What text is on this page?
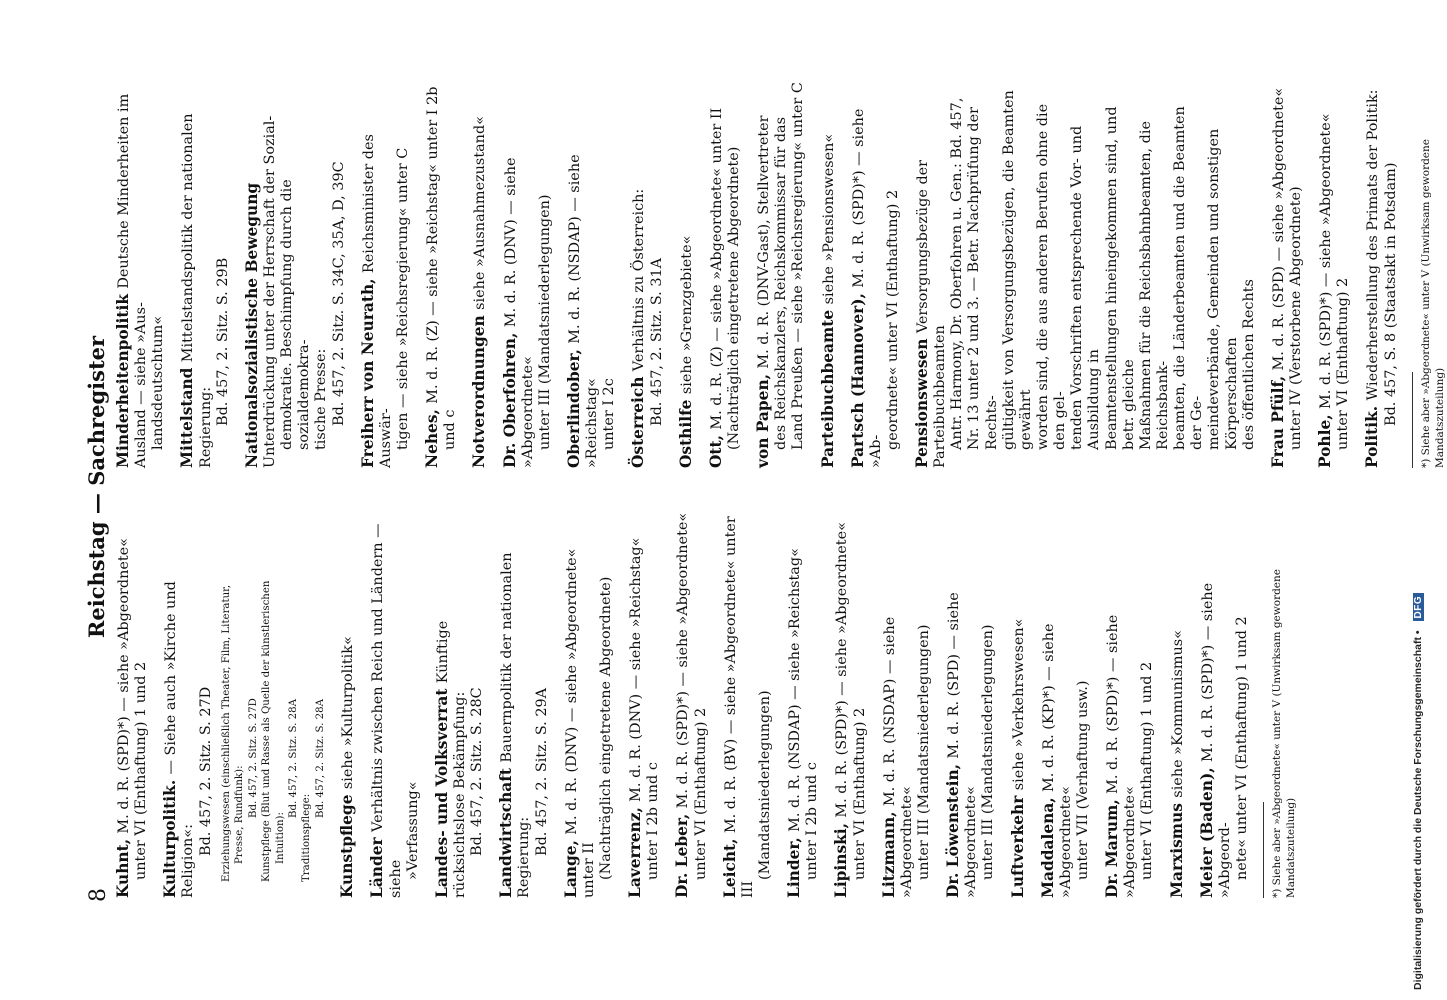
8
Reichstag — Sachregister
Kuhnt, M. d. R. (SPD)*) — siehe »Abgeordnete« unter VI (Enthaftung) 1 und 2 Kulturpolitik. — Siehe auch »Kirche und Religion«:
Bd. 457, 2. Sitz. S. 27D Erziehungswesen (einschließlich Theater, Film, Literatur, Presse, Rundfunk): Bd. 457, 2. Sitz. S. 27D Kunstpflege (Blut und Rasse als Quelle der künstlerischen Intuition):
Bd. 457, 2. Sitz. S. 28A
Traditionspflege:
Bd. 457, 2. Sitz. S. 28A
Kunstpflege siehe »Kulturpolitik«
Länder Verhältnis zwischen Reich und Ländern — siehe »Verfassung« Landes- und Volksverrat Künftige rücksichtslose Bekämpfung: Bd. 457, 2. Sitz. S. 28C Landwirtschaft Bauernpolitik der nationalen Regierung:
Bd. 457, 2. Sitz. S. 29A
Lange, M. d. R. (DNV) — siehe »Abgeordnete« unter II (Nachträglich eingetretene Abgeordnete) Laverrenz, M. d. R. (DNV) — siehe »Reichstag«
unter I 2b und c Dr. Leber, M. d. R. (SPD)*) — siehe »Abgeordnete« unter VI (Enthaftung) 2 Leicht, M. d. R. (BV) — siehe »Abgeordnete« unter III
(Mandatsniederlegungen) Linder, M. d. R. (NSDAP) — siehe »Reichstag« unter I 2b und c Lipinski, M. d. R. (SPD)*) — siehe »Abgeordnete« unter VI (Enthaftung) 2 Litzmann, M. d. R. (NSDAP) — siehe »Abgeordnete« unter III (Mandatsniederlegungen) Dr. Löwenstein, M. d. R. (SPD) — siehe »Abgeordnete« unter III (Mandatsniederlegungen) Luftverkehr siehe »Verkehrswesen«
Maddalena, M. d. R. (KP)*) — siehe »Abgeordnete« unter VII (Verhaftung usw.) Dr. Marum, M. d. R. (SPD)*) — siehe »Abgeordnete« unter VI (Enthaftung) 1 und 2 Marxismus siehe »Kommunismus«
Meier (Baden), M. d. R. (SPD)*) — siehe »Abgeord- nete« unter VI (Enthaftung) 1 und 2 *) Siehe aber »Abgeordnete« unter V (Unwirksam gewordene Mandatszuteilung)
Minderheitenpolitik Deutsche Minderheiten im Ausland — siehe »Aus- landsdeutschtum« Mittelstand Mittelstandspolitik der nationalen Regierung:
Bd. 457, 2. Sitz. S. 29B Nationalsozialistische Bewegung Unterdrückung unter der Herrschaft der Sozial- demokratie. Beschimpfung durch die sozialdemokra- tische Presse: Bd. 457, 2. Sitz. S. 34C, 35A, D, 39C Freiherr von Neurath, Reichsminister des Auswär- tigen — siehe »Reichsregierung« unter C Nehes, M. d. R. (Z) — siehe »Reichstag« unter I 2b
und c Notverordnungen siehe »Ausnahmezustand«
Dr. Oberfohren, M. d. R. (DNV) — siehe »Abgeordnete« unter III (Mandatsniederlegungen) Oberlindober, M. d. R. (NSDAP) — siehe »Reichstag« unter I 2c Österreich Verhältnis zu Österreich: Bd. 457, 2. Sitz. S. 31A
Osthilfe siehe »Grenzgebiete«
Ott, M. d. R. (Z) — siehe »Abgeordnete« unter II (Nachträglich eingetretene Abgeordnete) von Papen, M. d. R. (DNV-Gast), Stellvertreter des Reichskanzlers, Reichskommissar für das Land Preußen — siehe »Reichsregierung« unter C Parteibuchbeamte siehe »Pensionswesen«
Partsch (Hannover), M. d. R. (SPD)*) — siehe »Ab-
geordnete« unter VI (Enthaftung) 2 Pensionswesen Versorgungsbezüge der Parteibuchbeamten Antr. Harmony, Dr. Oberfohren u. Gen.: Bd. 457, Nr. 13 unter 2 und 3. — Betr. Nachprüfung der Rechts- gültigkeit von Versorgungsbezügen, die Beamten gewährt worden sind, die aus anderen Berufen ohne die den gel- tenden Vorschriften entsprechende Vor- und Ausbildung in Beamtenstellungen hineingekommen sind, und betr. gleiche Maßnahmen für die Reichsbahnbeamten, die Reichsbank- beamten, die Länderbeamten und die Beamten der Ge- meindeverbände, Gemeinden und sonstigen Körperschaften des öffentlichen Rechts Frau Pfülf, M. d. R. (SPD) — siehe »Abgeordnete« unter IV (Verstorbene Abgeordnete) Pohle, M. d. R. (SPD)*) — siehe »Abgeordnete« unter VI (Enthaftung) 2 Politik. Wiederherstellung des Primats der Politik: Bd. 457, S. 8 (Staatsakt in Potsdam) *) Siehe aber »Abgeordnete« unter V (Unwirksam gewordene Mandatszuteilung)
Digitalisierung gefördert durch die Deutsche Forschungsgemeinschaft • DFG
